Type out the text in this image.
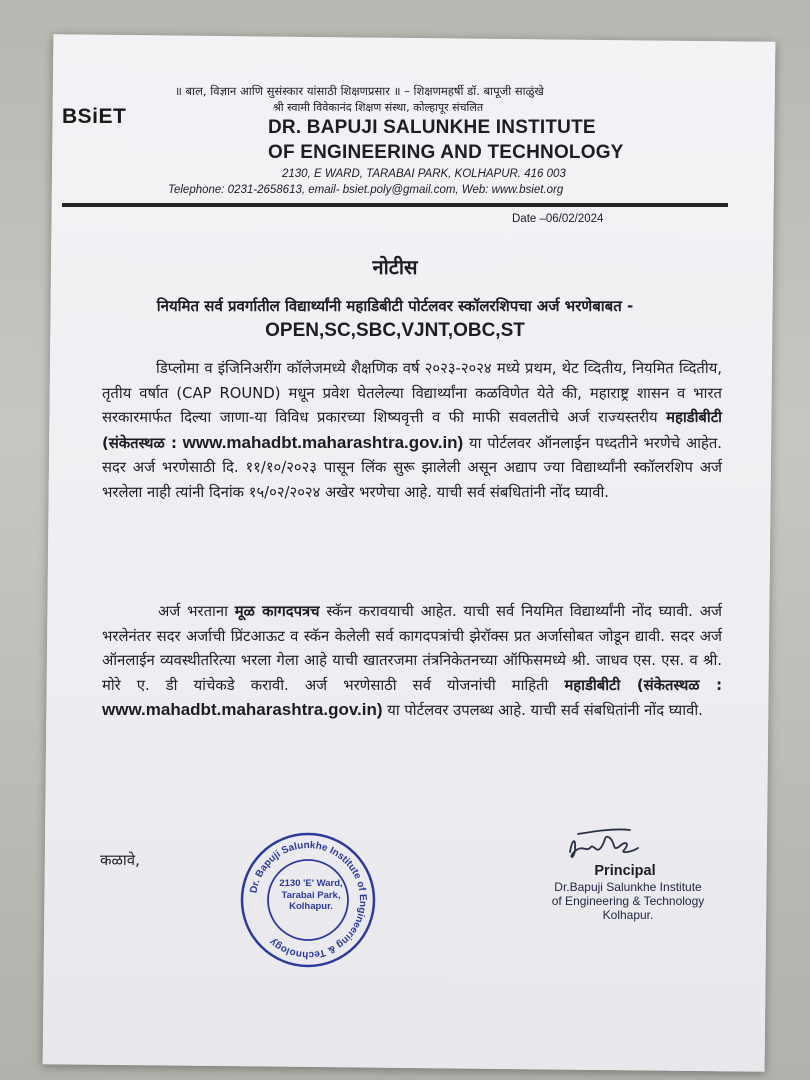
॥ बाल, विज्ञान आणि सुसंस्कार यांसाठी शिक्षणप्रसार ॥ – शिक्षणमहर्षी डॉ. बापूजी साळुंखे
श्री स्वामी विवेकानंद शिक्षण संस्था, कोल्हापूर संचलित
BSiET	DR. BAPUJI SALUNKHE INSTITUTE
OF ENGINEERING AND TECHNOLOGY
2130, E WARD, TARABAI PARK, KOLHAPUR. 416 003
Telephone: 0231-2658613, email- bsiet.poly@gmail.com, Web: www.bsiet.org
Date –06/02/2024
नोटीस
नियमित सर्व प्रवर्गातील विद्यार्थ्यांनी महाडिबीटी पोर्टलवर स्कॉलरशिपचा अर्ज भरणेबाबत -
OPEN,SC,SBC,VJNT,OBC,ST
डिप्लोमा व इंजिनिअरींग कॉलेजमध्ये शैक्षणिक वर्ष २०२३-२०२४ मध्ये प्रथम, थेट व्दितीय, नियमित व्दितीय, तृतीय वर्षात (CAP ROUND) मधून प्रवेश घेतलेल्या विद्यार्थ्यांना कळविणेत येते की, महाराष्ट्र शासन व भारत सरकारमार्फत दिल्या जाणा-या विविध प्रकारच्या शिष्यवृत्ती व फी माफी सवलतीचे अर्ज राज्यस्तरीय महाडीबीटी (संकेतस्थळ : www.mahadbt.maharashtra.gov.in) या पोर्टलवर ऑनलाईन पध्दतीने भरणेचे आहेत. सदर अर्ज भरणेसाठी दि. ११/१०/२०२३ पासून लिंक सुरू झालेली असून अद्याप ज्या विद्यार्थ्यांनी स्कॉलरशिप अर्ज भरलेला नाही त्यांनी दिनांक १५/०२/२०२४ अखेर भरणेचा आहे. याची सर्व संबधितांनी नोंद घ्यावी.
अर्ज भरताना मूळ कागदपत्रच स्कॅन करावयाची आहेत. याची सर्व नियमित विद्यार्थ्यांनी नोंद घ्यावी. अर्ज भरलेनंतर सदर अर्जाची प्रिंटआऊट व स्कॅन केलेली सर्व कागदपत्रांची झेरॉक्स प्रत अर्जासोबत जोडून द्यावी. सदर अर्ज ऑनलाईन व्यवस्थीतरित्या भरला गेला आहे याची खातरजमा तंत्रनिकेतनच्या ऑफिसमध्ये श्री. जाधव एस. एस. व श्री. मोरे ए. डी यांचेकडे करावी. अर्ज भरणेसाठी सर्व योजनांची माहिती महाडीबीटी (संकेतस्थळ : www.mahadbt.maharashtra.gov.in) या पोर्टलवर उपलब्ध आहे. याची सर्व संबधितांनी नोंद घ्यावी.
कळावे,
Principal
Dr.Bapuji Salunkhe Institute
of Engineering & Technology
Kolhapur.
Dr. Bapuji Salunkhe Institute of Engineering & Technology
2130 'E' Ward,
Tarabai Park,
Kolhapur.
